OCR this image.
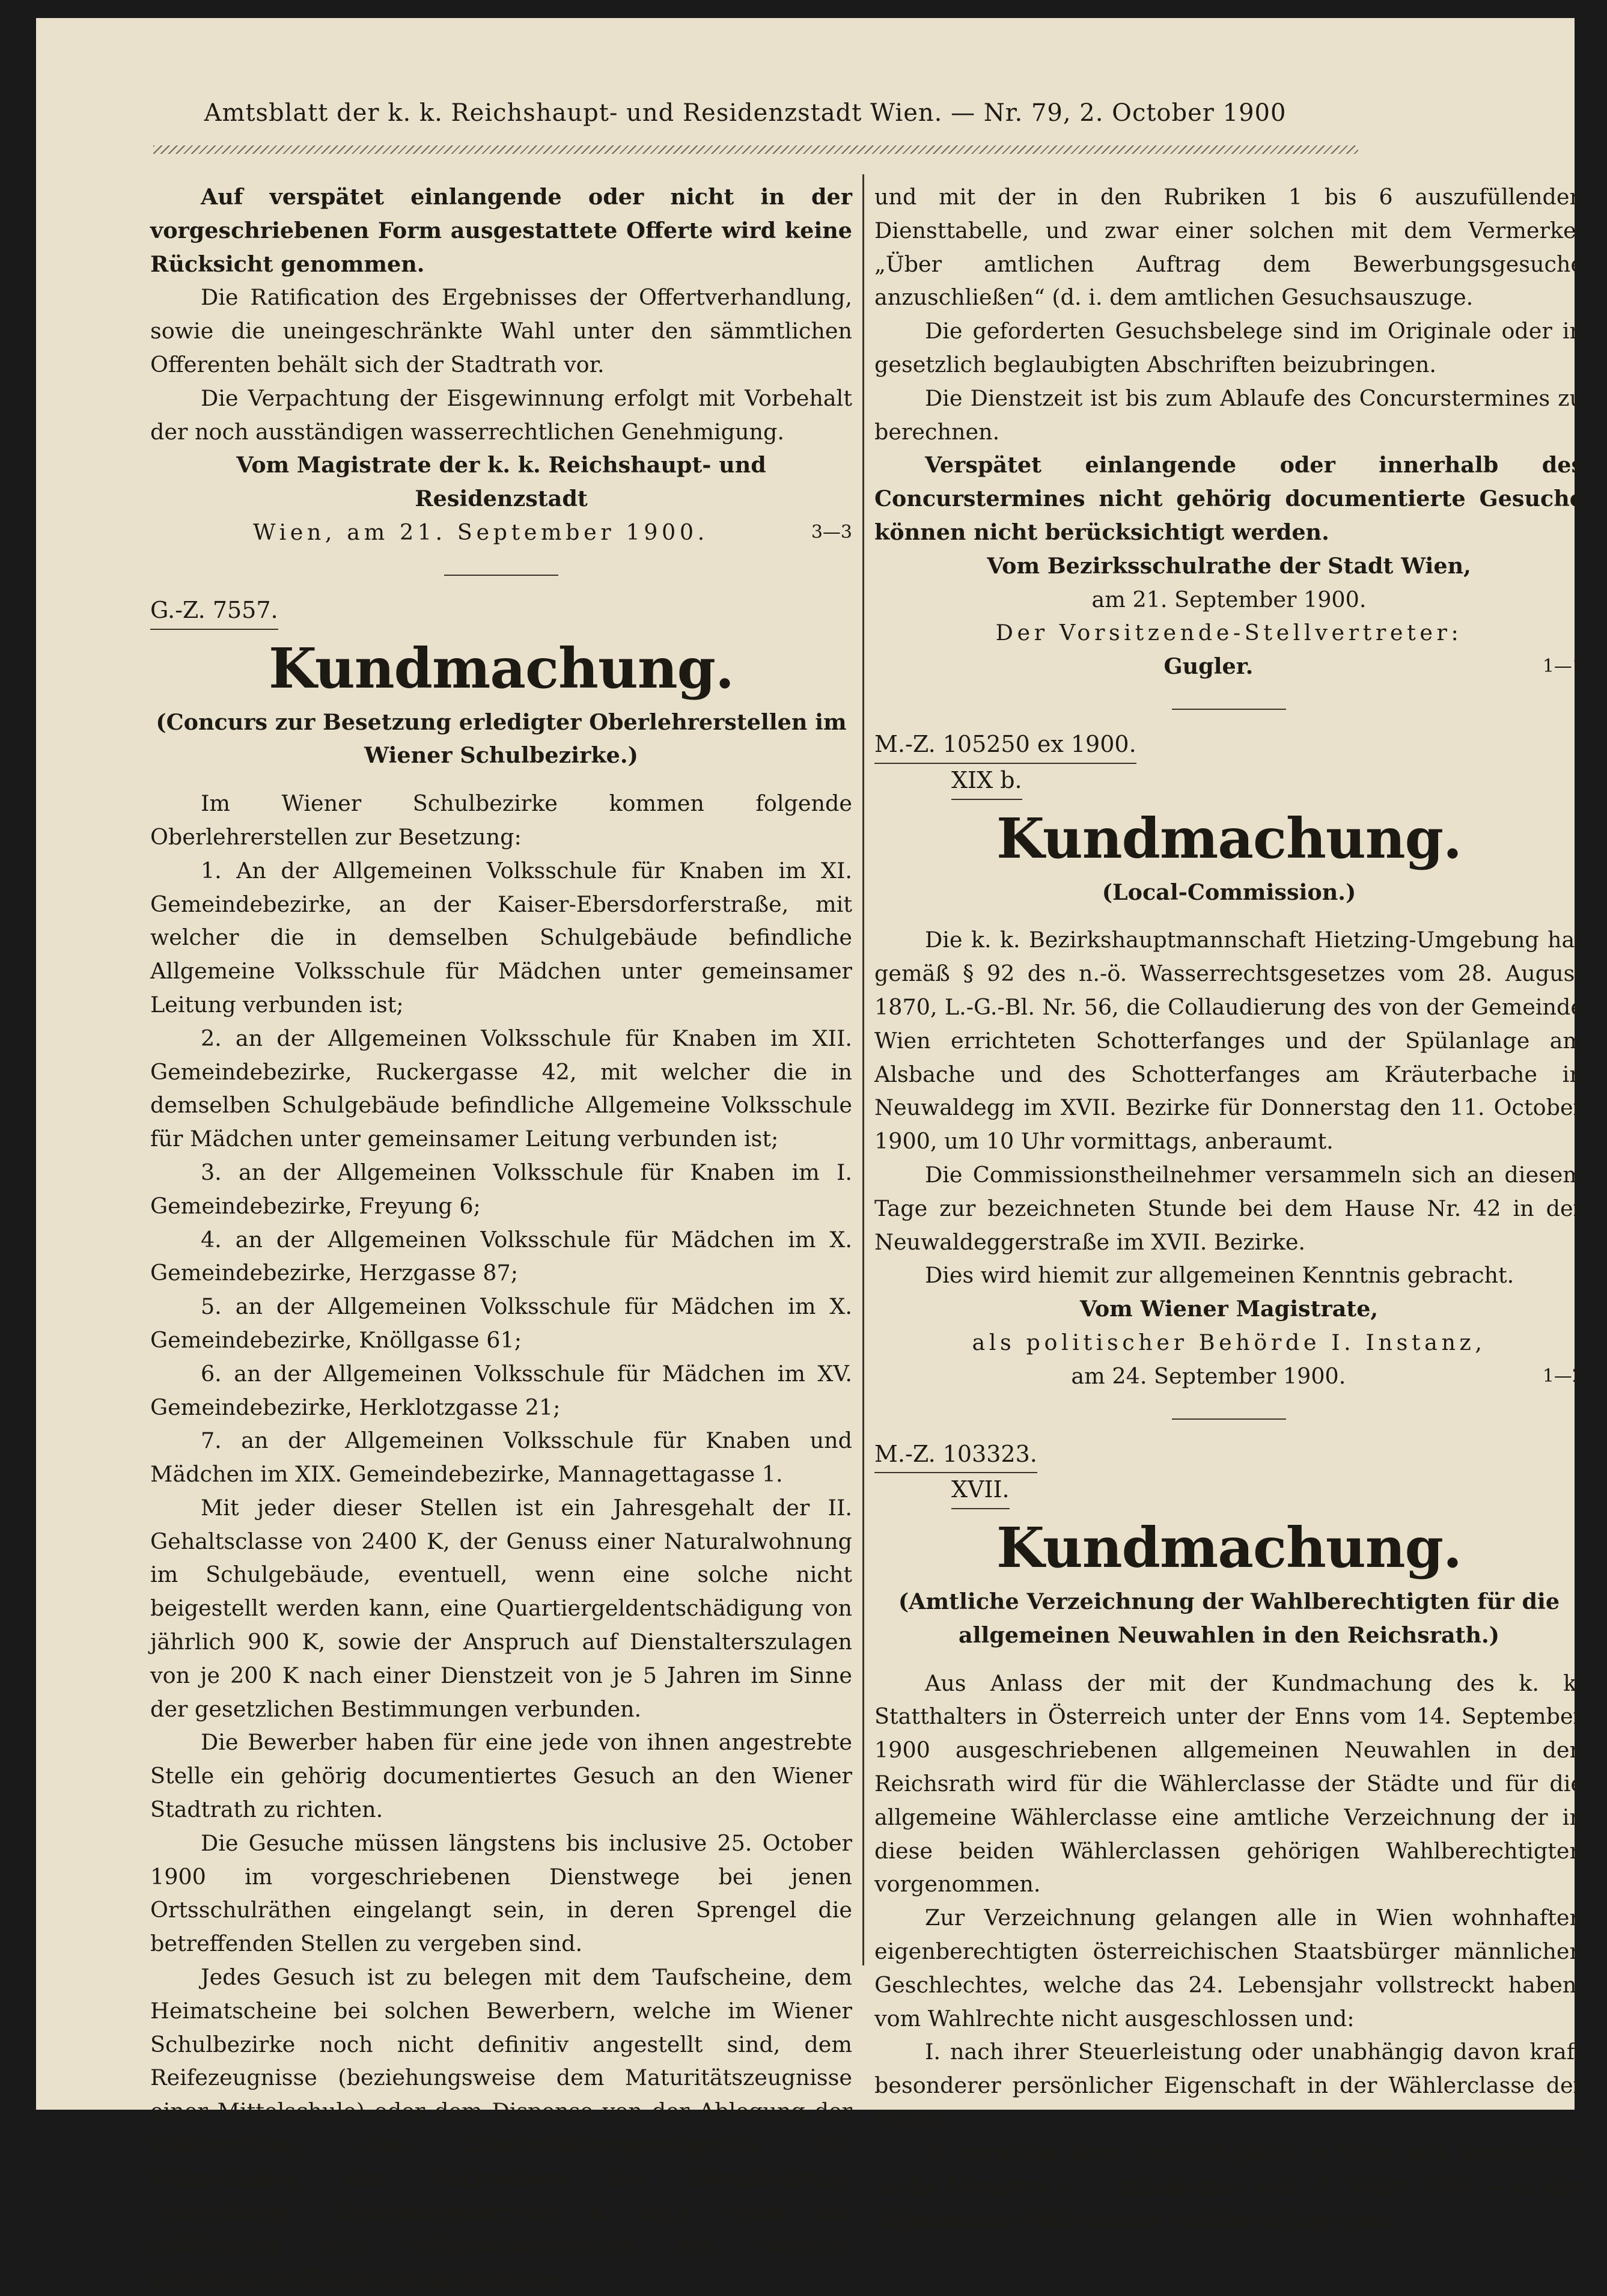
Amtsblatt der k. k. Reichshaupt- und Residenzstadt Wien. — Nr. 79, 2. October 1900

Auf verspätet einlangende oder nicht in der vorgeschriebenen Form ausgestattete Offerte wird keine Rücksicht genommen.

Die Ratification des Ergebnisses der Offertverhandlung, sowie die uneingeschränkte Wahl unter den sämmtlichen Offerenten behält sich der Stadtrath vor.

Die Verpachtung der Eisgewinnung erfolgt mit Vorbehalt der noch ausständigen wasserrechtlichen Genehmigung.

Vom Magistrate der k. k. Reichshaupt- und Residenzstadt

Wien, am 21. September 1900.	3—3

G.-Z. 7557.
Kundmachung.

(Concurs zur Besetzung erledigter Oberlehrerstellen im Wiener Schulbezirke.)

Im Wiener Schulbezirke kommen folgende Oberlehrerstellen zur Besetzung:

1. An der Allgemeinen Volksschule für Knaben im XI. Gemeindebezirke, an der Kaiser-Ebersdorferstraße, mit welcher die in demselben Schulgebäude befindliche Allgemeine Volksschule für Mädchen unter gemeinsamer Leitung verbunden ist;

2. an der Allgemeinen Volksschule für Knaben im XII. Gemeindebezirke, Ruckergasse 42, mit welcher die in demselben Schulgebäude befindliche Allgemeine Volksschule für Mädchen unter gemeinsamer Leitung verbunden ist;

3. an der Allgemeinen Volksschule für Knaben im I. Gemeindebezirke, Freyung 6;

4. an der Allgemeinen Volksschule für Mädchen im X. Gemeindebezirke, Herzgasse 87;

5. an der Allgemeinen Volksschule für Mädchen im X. Gemeindebezirke, Knöllgasse 61;

6. an der Allgemeinen Volksschule für Mädchen im XV. Gemeindebezirke, Herklotzgasse 21;

7. an der Allgemeinen Volksschule für Knaben und Mädchen im XIX. Gemeindebezirke, Mannagettagasse 1.

Mit jeder dieser Stellen ist ein Jahresgehalt der II. Gehaltsclasse von 2400 K, der Genuss einer Naturalwohnung im Schulgebäude, eventuell, wenn eine solche nicht beigestellt werden kann, eine Quartiergeldentschädigung von jährlich 900 K, sowie der Anspruch auf Dienstalterszulagen von je 200 K nach einer Dienstzeit von je 5 Jahren im Sinne der gesetzlichen Bestimmungen verbunden.

Die Bewerber haben für eine jede von ihnen angestrebte Stelle ein gehörig documentiertes Gesuch an den Wiener Stadtrath zu richten.

Die Gesuche müssen längstens bis inclusive 25. October 1900 im vorgeschriebenen Dienstwege bei jenen Ortsschulräthen eingelangt sein, in deren Sprengel die betreffenden Stellen zu vergeben sind.

Jedes Gesuch ist zu belegen mit dem Taufscheine, dem Heimatscheine bei solchen Bewerbern, welche im Wiener Schulbezirke noch nicht definitiv angestellt sind, dem Reifezeugnisse (beziehungsweise dem Maturitätszeugnisse einer Mittelschule) oder dem Dispense von der Ablegung der Reifeprüfung, dem Lehrbefähigungszeugnisse für Volksschulen, den Nachweisen der Dienstleistung (Anstellungs-, Enthebungsdecreten u. dgl.), sowie der Befähigung zum Religionsunterrichte des römisch-katholischen Glaubensbekenntnisses

und mit der in den Rubriken 1 bis 6 auszufüllenden Diensttabelle, und zwar einer solchen mit dem Vermerke: „Über amtlichen Auftrag dem Bewerbungsgesuche anzuschließen“ (d. i. dem amtlichen Gesuchsauszuge.

Die geforderten Gesuchsbelege sind im Originale oder in gesetzlich beglaubigten Abschriften beizubringen.

Die Dienstzeit ist bis zum Ablaufe des Concurstermines zu berechnen.

Verspätet einlangende oder innerhalb des Concurstermines nicht gehörig documentierte Gesuche können nicht berücksichtigt werden.

Vom Bezirksschulrathe der Stadt Wien,

am 21. September 1900.

Der Vorsitzende-Stellvertreter:

Gugler.	1—1

M.-Z. 105250 ex 1900.
XIX b.
Kundmachung.

(Local-Commission.)

Die k. k. Bezirkshauptmannschaft Hietzing-Umgebung hat gemäß § 92 des n.-ö. Wasserrechtsgesetzes vom 28. August 1870, L.-G.-Bl. Nr. 56, die Collaudierung des von der Gemeinde Wien errichteten Schotterfanges und der Spülanlage am Alsbache und des Schotterfanges am Kräuterbache in Neuwaldegg im XVII. Bezirke für Donnerstag den 11. October 1900, um 10 Uhr vormittags, anberaumt.

Die Commissionstheilnehmer versammeln sich an diesem Tage zur bezeichneten Stunde bei dem Hause Nr. 42 in der Neuwaldeggerstraße im XVII. Bezirke.

Dies wird hiemit zur allgemeinen Kenntnis gebracht.

Vom Wiener Magistrate,

als politischer Behörde I. Instanz,

am 24. September 1900.	1—2

M.-Z. 103323.
XVII.
Kundmachung.

(Amtliche Verzeichnung der Wahlberechtigten für die allgemeinen Neuwahlen in den Reichsrath.)

Aus Anlass der mit der Kundmachung des k. k. Statthalters in Österreich unter der Enns vom 14. September 1900 ausgeschriebenen allgemeinen Neuwahlen in den Reichsrath wird für die Wählerclasse der Städte und für die allgemeine Wählerclasse eine amtliche Verzeichnung der in diese beiden Wählerclassen gehörigen Wahlberechtigten vorgenommen.

Zur Verzeichnung gelangen alle in Wien wohnhaften eigenberechtigten österreichischen Staatsbürger männlichen Geschlechtes, welche das 24. Lebensjahr vollstreckt haben, vom Wahlrechte nicht ausgeschlossen und:

I. nach ihrer Steuerleistung oder unabhängig davon kraft besonderer persönlicher Eigenschaft in der Wählerclasse der Städte;

II. vermöge ihrer Sesshaftigkeit in Wien seit wenigstens sechs Monaten, d. i. mindestens seit 14. März 1900 — in der allgemeinen Wählerclasse wahlberechtigt sind.
